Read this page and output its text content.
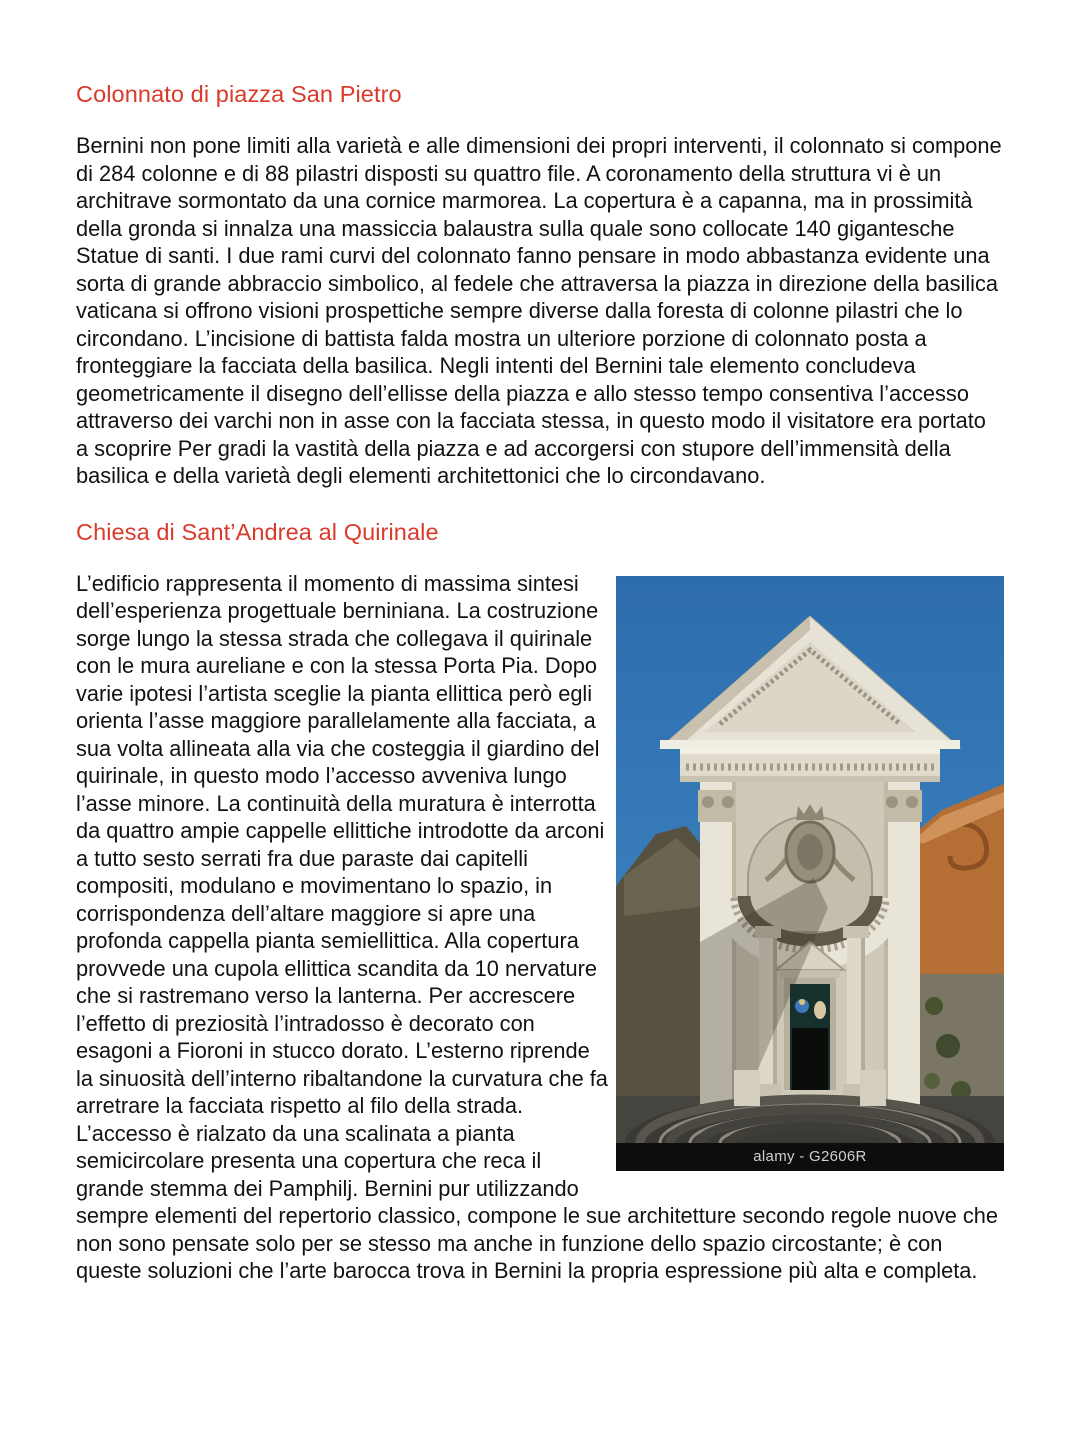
Colonnato di piazza San Pietro

Bernini non pone limiti alla varietà e alle dimensioni dei propri interventi, il colonnato si compone di 284 colonne e di 88 pilastri disposti su quattro file. A coronamento della struttura vi è un architrave sormontato da una cornice marmorea. La copertura è a capanna, ma in prossimità della gronda si innalza una massiccia balaustra sulla quale sono collocate 140 gigantesche Statue di santi. I due rami curvi del colonnato fanno pensare in modo abbastanza evidente una sorta di grande abbraccio simbolico, al fedele che attraversa la piazza in direzione della basilica vaticana si offrono visioni prospettiche sempre diverse dalla foresta di colonne pilastri che lo circondano. L’incisione di battista falda mostra un ulteriore porzione di colonnato posta a fronteggiare la facciata della basilica. Negli intenti del Bernini tale elemento concludeva geometricamente il disegno dell’ellisse della piazza e allo stesso tempo consentiva l’accesso attraverso dei varchi non in asse con la facciata stessa, in questo modo il visitatore era portato a scoprire Per gradi la vastità della piazza e ad accorgersi con stupore dell’immensità della basilica e della varietà degli elementi architettonici che lo circondavano.

Chiesa di Sant’Andrea al Quirinale
alamy - G2606R

L’edificio rappresenta il momento di massima sintesi dell’esperienza progettuale berniniana. La costruzione sorge lungo la stessa strada che collegava il quirinale con le mura aureliane e con la stessa Porta Pia. Dopo varie ipotesi l’artista sceglie la pianta ellittica però egli orienta l’asse maggiore parallelamente alla facciata, a sua volta allineata alla via che costeggia il giardino del quirinale, in questo modo l’accesso avveniva lungo l’asse minore. La continuità della muratura è interrotta da quattro ampie cappelle ellittiche introdotte da arconi a tutto sesto serrati fra due paraste dai capitelli compositi, modulano e movimentano lo spazio, in corrispondenza dell’altare maggiore si apre una profonda cappella pianta semiellittica. Alla copertura provvede una cupola ellittica scandita da 10 nervature che si rastremano verso la lanterna. Per accrescere l’effetto di preziosità l’intradosso è decorato con esagoni a Fioroni in stucco dorato. L’esterno riprende la sinuosità dell’interno ribaltandone la curvatura che fa arretrare la facciata rispetto al filo della strada. L’accesso è rialzato da una scalinata a pianta semicircolare presenta una copertura che reca il grande stemma dei Pamphilj. Bernini pur utilizzando sempre elementi del repertorio classico, compone le sue architetture secondo regole nuove che non sono pensate solo per se stesso ma anche in funzione dello spazio circostante; è con queste soluzioni che l’arte barocca trova in Bernini la propria espressione più alta e completa.
